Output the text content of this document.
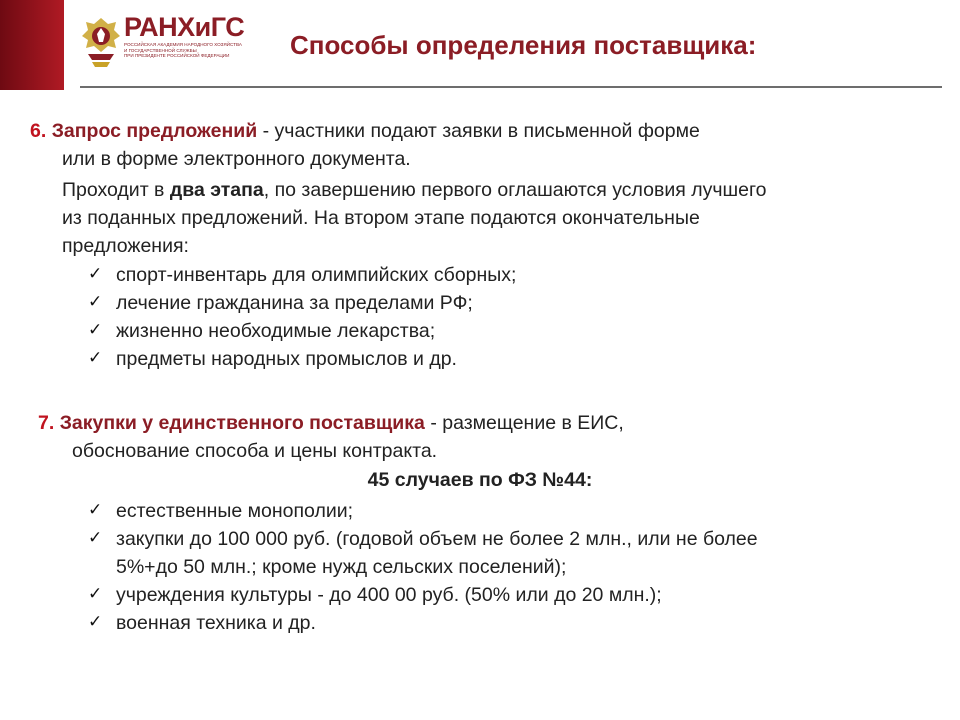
РАНХиГС
РОССИЙСКАЯ АКАДЕМИЯ НАРОДНОГО ХОЗЯЙСТВА
И ГОСУДАРСТВЕННОЙ СЛУЖБЫ
ПРИ ПРЕЗИДЕНТЕ РОССИЙСКОЙ ФЕДЕРАЦИИ Способы определения поставщика:
6. Запрос предложений - участники подают заявки в письменной форме
или в форме электронного документа.
Проходит в два этапа, по завершению первого оглашаются условия лучшего
из поданных предложений. На втором этапе подаются окончательные
предложения:
✓ спорт-инвентарь для олимпийских сборных;
✓ лечение гражданина за пределами РФ;
✓ жизненно необходимые лекарства;
✓ предметы народных промыслов и др.
7. Закупки у единственного поставщика - размещение в ЕИС,
обоснование способа и цены контракта.
45 случаев по ФЗ №44:
✓ естественные монополии;
✓ закупки до 100 000 руб. (годовой объем не более 2 млн., или не более
5%+до 50 млн.; кроме нужд сельских поселений);
✓ учреждения культуры - до 400 00 руб. (50% или до 20 млн.);
✓ военная техника и др.
